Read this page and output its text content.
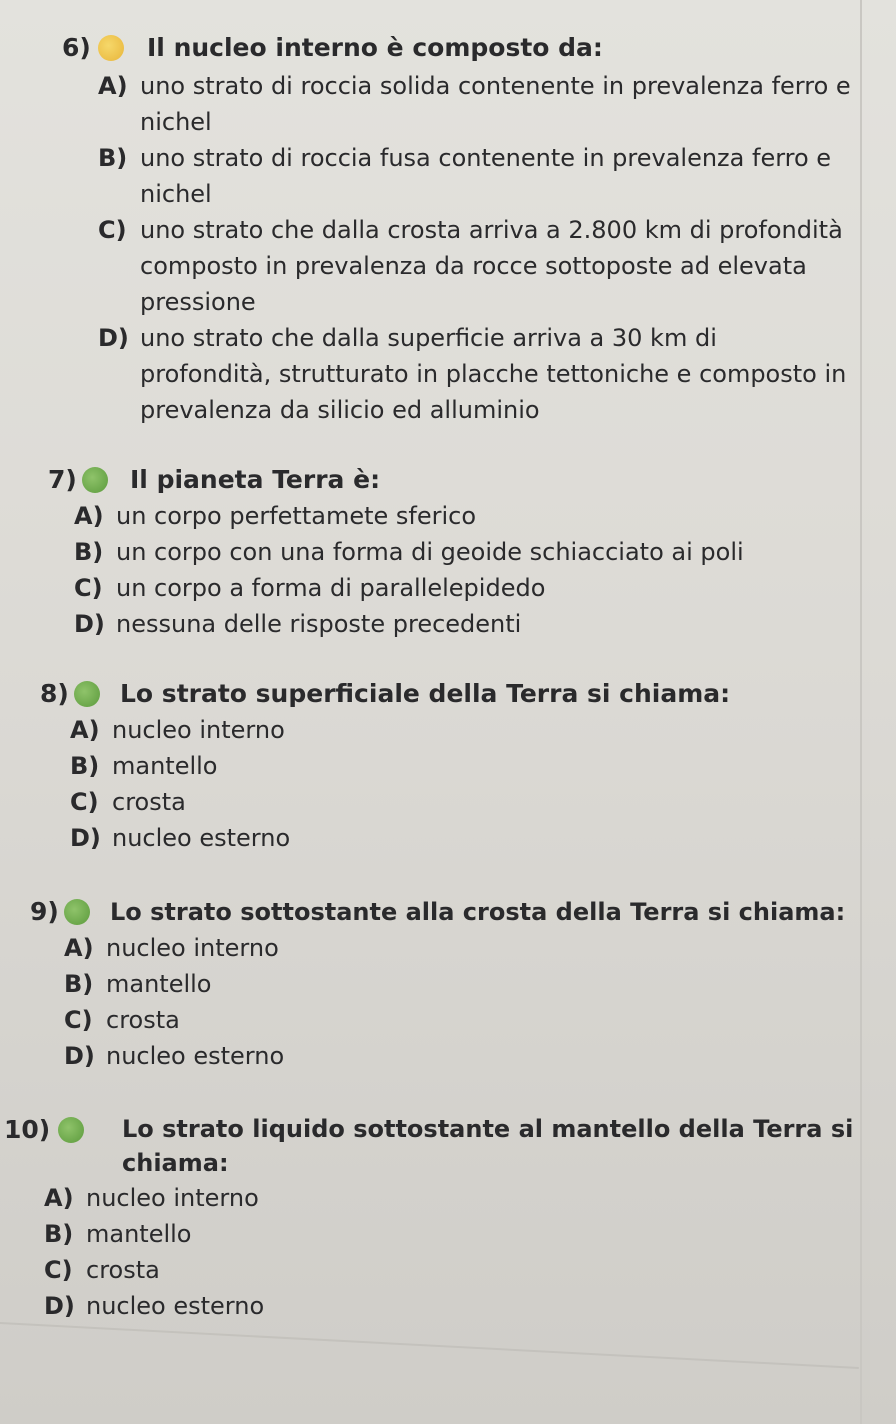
6)	Il nucleo interno è composto da:
A) uno strato di roccia solida contenente in prevalenza ferro e nichel
B) uno strato di roccia fusa contenente in prevalenza ferro e nichel
C) uno strato che dalla crosta arriva a 2.800 km di profondità composto in prevalenza da rocce sottoposte ad elevata pressione
D) uno strato che dalla superficie arriva a 30 km di profondità, strutturato in placche tettoniche e composto in prevalenza da silicio ed alluminio
7)	Il pianeta Terra è:
A) un corpo perfettamete sferico
B) un corpo con una forma di geoide schiacciato ai poli
C) un corpo a forma di parallelepidedo
D) nessuna delle risposte precedenti
8)	Lo strato superficiale della Terra si chiama:
A) nucleo interno
B) mantello
C) crosta
D) nucleo esterno
9)	Lo strato sottostante alla crosta della Terra si chiama:
A) nucleo interno
B) mantello
C) crosta
D) nucleo esterno
10)	Lo strato liquido sottostante al mantello della Terra si chiama:
A) nucleo interno
B) mantello
C) crosta
D) nucleo esterno
